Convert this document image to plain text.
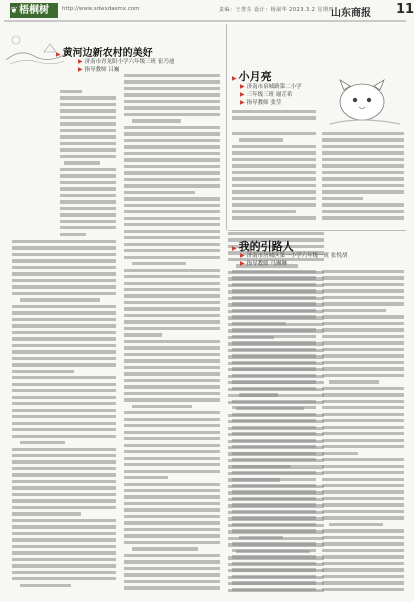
❦ 梧桐树	http://www.sdwxdasmx.com	责编：王慧芬 设计：杨淑华 2023.3.2 星期四
山东商报 11
▶ 黄河边新农村的美好
▶ 济南市青龙阳小学六年级三班 崔乃迪
▶ 指导教师 吕巍
▶ 小月亮
▶ 济南市泉城路第二小学
▶ 三年级三班 谢芷希
▶ 指导教师 张莹
▶ 我的引路人
▶ 济南市历城区第一小学六年级一班 张悦胡
▶ 指导教师 马琳琳
